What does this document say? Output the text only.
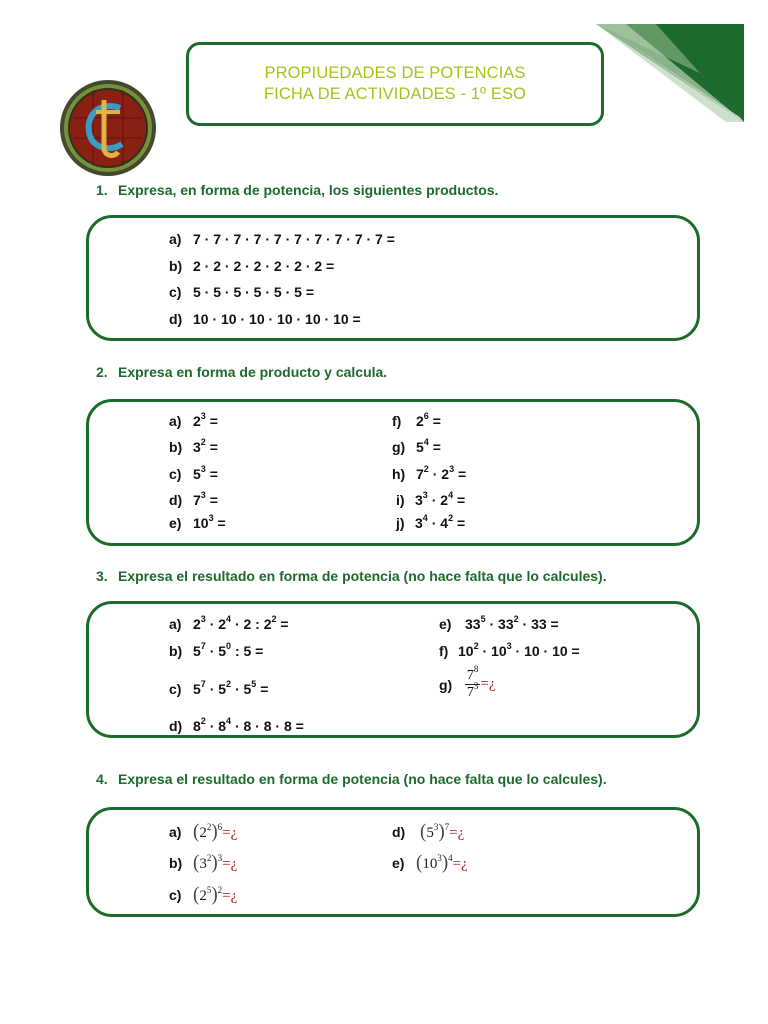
PROPIUEDADES DE POTENCIAS
FICHA DE ACTIVIDADES - 1º ESO
1. Expresa, en forma de potencia, los siguientes productos.
a) 7 · 7 · 7 · 7 · 7 · 7 · 7 · 7 · 7 · 7 =
b) 2 · 2 · 2 · 2 · 2 · 2 · 2 =
c) 5 · 5 · 5 · 5 · 5 · 5 =
d) 10 · 10 · 10 · 10 · 10 · 10 =
2. Expresa en forma de producto y calcula.
a) $2^3$ =
b) $3^2$ =
c) $5^3$ =
d) $7^3$ =
e) $10^3$ =
f) $2^6$ =
g) $5^4$ =
h) $7^2 \cdot 2^3$ =
i) $3^3 \cdot 2^4$ =
j) $3^4 \cdot 4^2$ =
3. Expresa el resultado en forma de potencia (no hace falta que lo calcules).
a) $2^3 \cdot 2^4 \cdot 2$ : $2^2$ =
b) $5^7 \cdot 5^0$ : 5 =
c) $5^7 \cdot 5^2 \cdot 5^5$ =
d) $8^2 \cdot 8^4 \cdot 8 \cdot 8 \cdot 8$ =
e) $33^5 \cdot 33^2 \cdot 33$ =
f) $10^2 \cdot 10^3 \cdot 10 \cdot 10$ =
$g) \frac{7^8}{7^3}$ =¿
4. Expresa el resultado en forma de potencia (no hace falta que lo calcules).
a) $(2^2)^6=¿$
b) $(3^2)^3=¿$
c) $(2^5)^2=¿$
d) $(5^3)^7=¿$
e) $(10^3)^4=¿$
